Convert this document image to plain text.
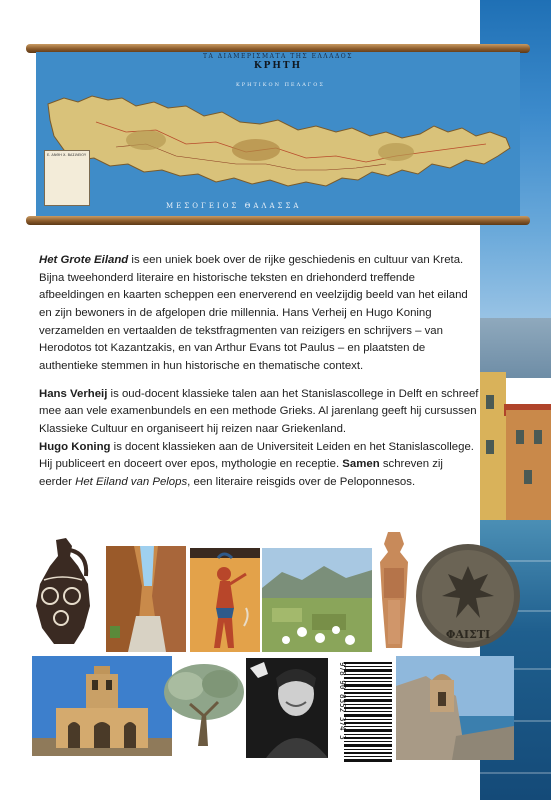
ΤΑ ΔΙΑΜΕΡΙΣΜΑΤΑ ΤΗΣ ΕΛΛΑΔΟΣ
ΚΡΗΤΗ
ΚΡΗΤΙΚΟΝ ΠΕΛΑΓΟΣ
ΜΕΣΟΓΕΙΟΣ ΘΑΛΑΣΣΑ
Ε. ΑΝΘΗ Χ. ΒΑΣΙΛΕΙΟΥ

Het Grote Eiland is een uniek boek over de rijke geschiedenis en cultuur van Kreta. Bijna tweehonderd literaire en historische teksten en driehonderd treffende afbeeldingen en kaarten scheppen een enerverend en veelzijdig beeld van het eiland en zijn bewoners in de afgelopen drie millennia. Hans Verheij en Hugo Koning verzamelden en vertaalden de tekstfragmenten van reizigers en schrijvers – van Herodotos tot Kazantzakis, en van Arthur Evans tot Paulus – en plaatsten de authentieke stemmen in hun historische en thematische context.

Hans Verheij is oud-docent klassieke talen aan het Stanislascollege in Delft en schreef mee aan vele examenbundels en een methode Grieks. Al jarenlang geeft hij cursussen Klassieke Cultuur en organiseert hij reizen naar Griekenland.
Hugo Koning is docent klassieken aan de Universiteit Leiden en het Stanislascollege. Hij publiceert en doceert over epos, mythologie en receptie. Samen schreven zij eerder Het Eiland van Pelops, een literaire reisgids over de Peloponnesos.

ΦΑΙΣΤΙ
978 90 8352 374 3
